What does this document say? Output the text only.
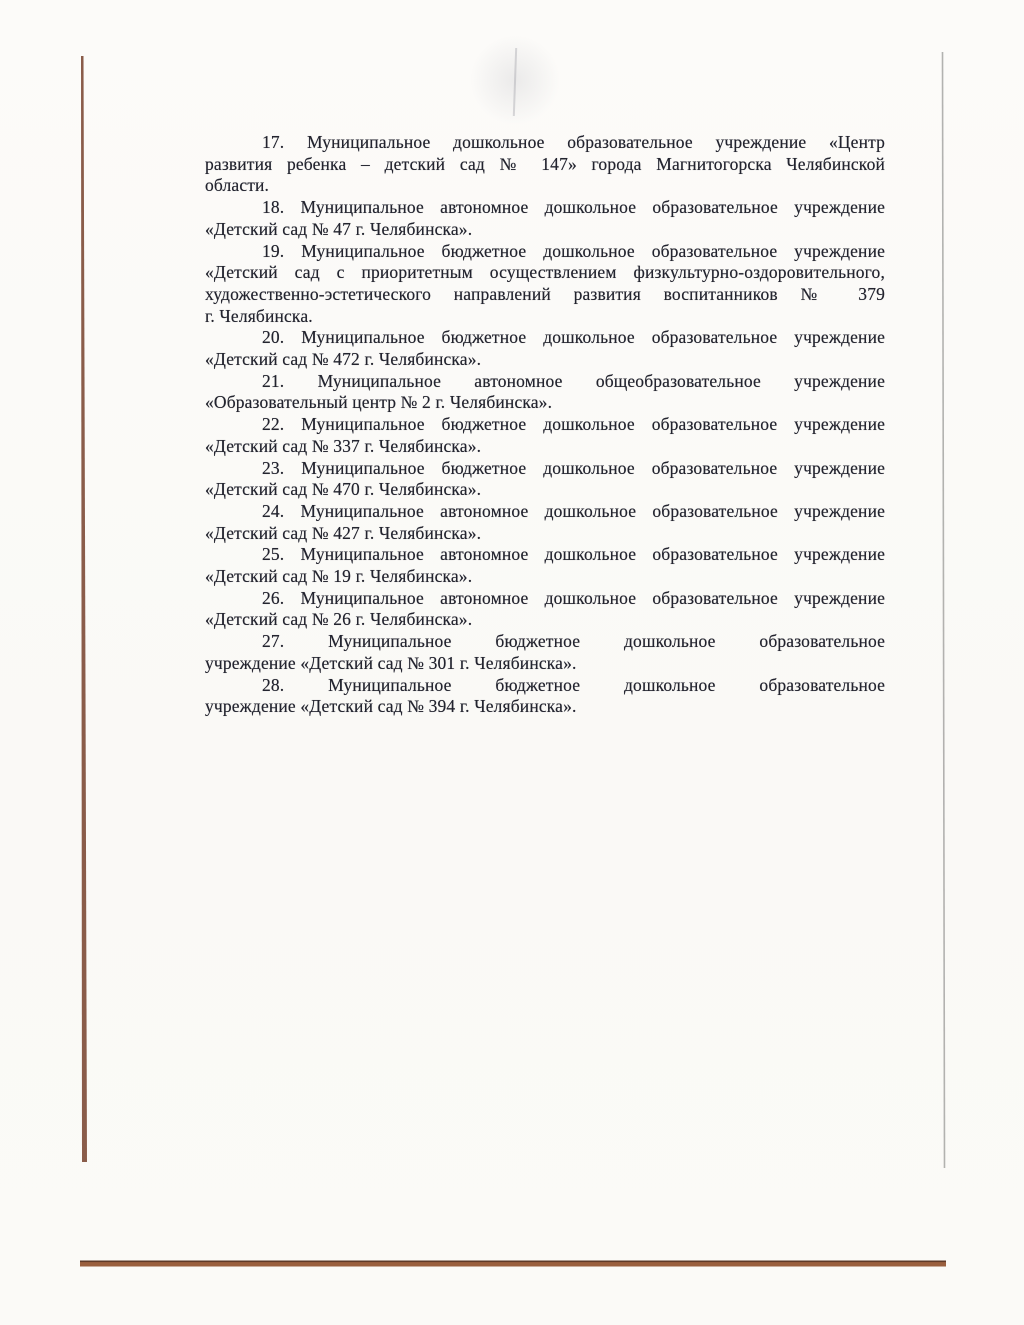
17. Муниципальное дошкольное образовательное учреждение «Центр
развития ребенка – детский сад № 147» города Магнитогорска Челябинской
области.
18. Муниципальное автономное дошкольное образовательное учреждение
«Детский сад № 47 г. Челябинска».
19. Муниципальное бюджетное дошкольное образовательное учреждение
«Детский сад с приоритетным осуществлением физкультурно-оздоровительного,
художественно-эстетического направлений развития воспитанников № 379
г. Челябинска.
20. Муниципальное бюджетное дошкольное образовательное учреждение
«Детский сад № 472 г. Челябинска».
21. Муниципальное автономное общеобразовательное учреждение
«Образовательный центр № 2 г. Челябинска».
22. Муниципальное бюджетное дошкольное образовательное учреждение
«Детский сад № 337 г. Челябинска».
23. Муниципальное бюджетное дошкольное образовательное учреждение
«Детский сад № 470 г. Челябинска».
24. Муниципальное автономное дошкольное образовательное учреждение
«Детский сад № 427 г. Челябинска».
25. Муниципальное автономное дошкольное образовательное учреждение
«Детский сад № 19 г. Челябинска».
26. Муниципальное автономное дошкольное образовательное учреждение
«Детский сад № 26 г. Челябинска».
27. Муниципальное бюджетное дошкольное образовательное
учреждение «Детский сад № 301 г. Челябинска».
28. Муниципальное бюджетное дошкольное образовательное
учреждение «Детский сад № 394 г. Челябинска».
